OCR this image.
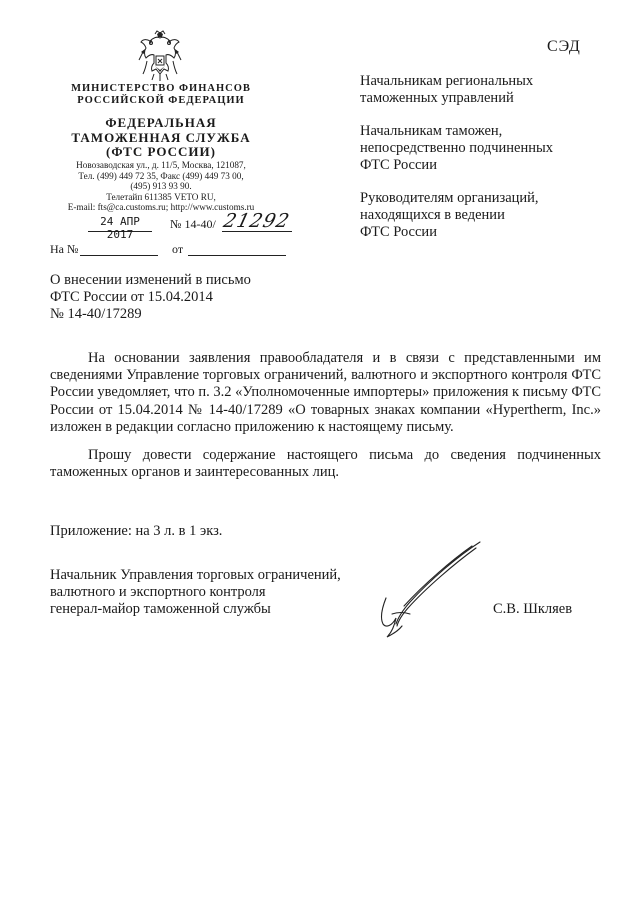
СЭД
МИНИСТЕРСТВО ФИНАНСОВ
РОССИЙСКОЙ ФЕДЕРАЦИИ
ФЕДЕРАЛЬНАЯ
ТАМОЖЕННАЯ СЛУЖБА
(ФТС РОССИИ)
Новозаводская ул., д. 11/5, Москва, 121087,
Тел. (499) 449 72 35, Факс (499) 449 73 00,
(495) 913 93 90.
Телетайп 611385 VETO RU,
E-mail: fts@ca.customs.ru; http://www.customs.ru
24 АПР 2017
№ 14-40/ 21292
На №	от
Начальникам региональных
таможенных управлений
Начальникам таможен,
непосредственно подчиненных
ФТС России
Руководителям организаций,
находящихся в ведении
ФТС России
О внесении изменений в письмо
ФТС России от 15.04.2014
№ 14-40/17289

На основании заявления правообладателя и в связи с представленными им сведениями Управление торговых ограничений, валютного и экспортного контроля ФТС России уведомляет, что п. 3.2 «Уполномоченные импортеры» приложения к письму ФТС России от 15.04.2014 № 14-40/17289 «О товарных знаках компании «Hypertherm, Inc.» изложен в редакции согласно приложению к настоящему письму.

Прошу довести содержание настоящего письма до сведения подчиненных таможенных органов и заинтересованных лиц.

Приложение: на 3 л. в 1 экз.
Начальник Управления торговых ограничений,
валютного и экспортного контроля
генерал-майор таможенной службы	С.В. Шкляев
